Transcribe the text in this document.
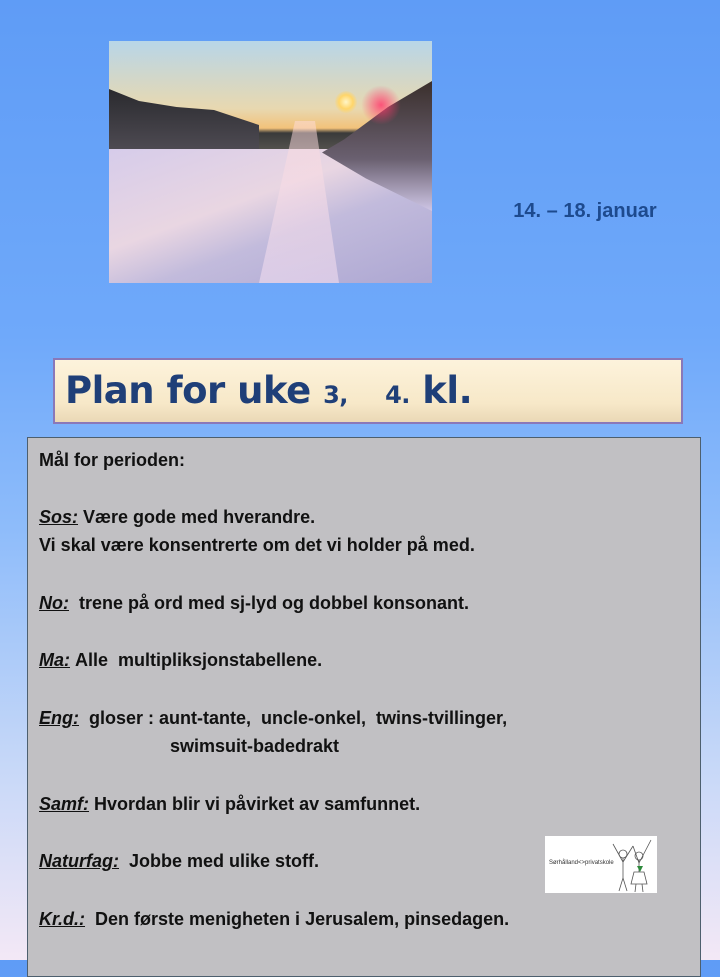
14. – 18. januar
Plan for uke 3, 4. kl.
Mål for perioden:
Sos: Være gode med hverandre.
Vi skal være konsentrerte om det vi holder på med.
No: trene på ord med sj-lyd og dobbel konsonant.
Ma: Alle  multipliksjonstabellene.
Eng: gloser : aunt-tante,  uncle-onkel,  twins-tvillinger,
swimsuit-badedrakt
Samf: Hvordan blir vi påvirket av samfunnet.
Naturfag: Jobbe med ulike stoff.
Kr.d.: Den første menigheten i Jerusalem, pinsedagen.
Sørhålland<>privatskole
